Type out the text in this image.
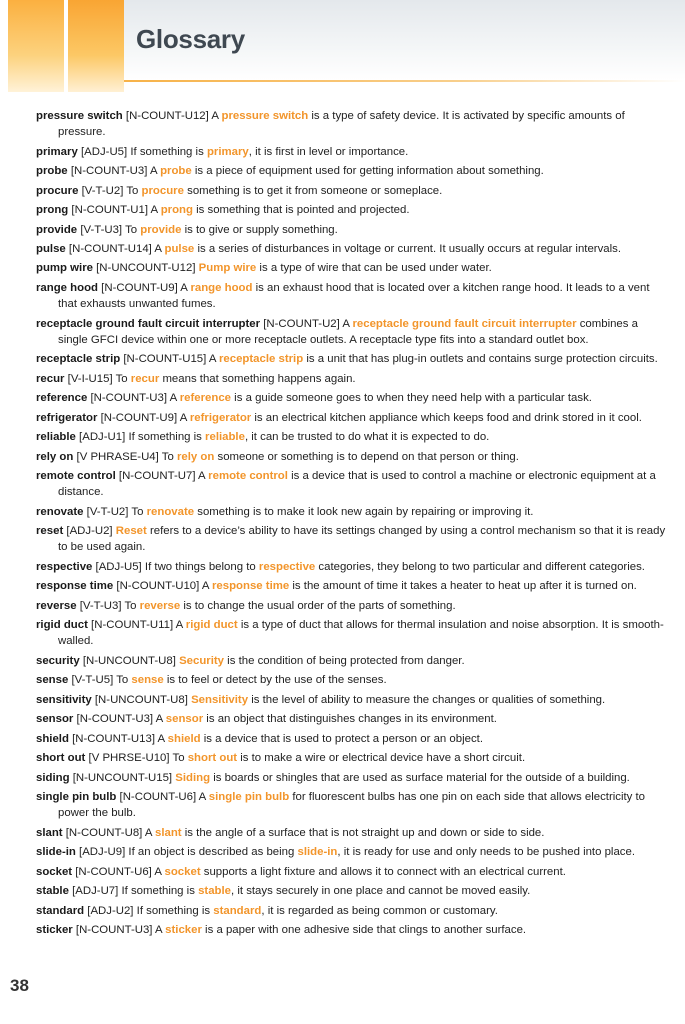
Glossary

pressure switch [N-COUNT-U12] A pressure switch is a type of safety device. It is activated by specific amounts of pressure.

primary [ADJ-U5] If something is primary, it is first in level or importance.

probe [N-COUNT-U3] A probe is a piece of equipment used for getting information about something.

procure [V-T-U2] To procure something is to get it from someone or someplace.

prong [N-COUNT-U1] A prong is something that is pointed and projected.

provide [V-T-U3] To provide is to give or supply something.

pulse [N-COUNT-U14] A pulse is a series of disturbances in voltage or current. It usually occurs at regular intervals.

pump wire [N-UNCOUNT-U12] Pump wire is a type of wire that can be used under water.

range hood [N-COUNT-U9] A range hood is an exhaust hood that is located over a kitchen range hood. It leads to a vent that exhausts unwanted fumes.

receptacle ground fault circuit interrupter [N-COUNT-U2] A receptacle ground fault circuit interrupter combines a single GFCI device within one or more receptacle outlets. A receptacle type fits into a standard outlet box.

receptacle strip [N-COUNT-U15] A receptacle strip is a unit that has plug-in outlets and contains surge protection circuits.

recur [V-I-U15] To recur means that something happens again.

reference [N-COUNT-U3] A reference is a guide someone goes to when they need help with a particular task.

refrigerator [N-COUNT-U9] A refrigerator is an electrical kitchen appliance which keeps food and drink stored in it cool.

reliable [ADJ-U1] If something is reliable, it can be trusted to do what it is expected to do.

rely on [V PHRASE-U4] To rely on someone or something is to depend on that person or thing.

remote control [N-COUNT-U7] A remote control is a device that is used to control a machine or electronic equipment at a distance.

renovate [V-T-U2] To renovate something is to make it look new again by repairing or improving it.

reset [ADJ-U2] Reset refers to a device’s ability to have its settings changed by using a control mechanism so that it is ready to be used again.

respective [ADJ-U5] If two things belong to respective categories, they belong to two particular and different categories.

response time [N-COUNT-U10] A response time is the amount of time it takes a heater to heat up after it is turned on.

reverse [V-T-U3] To reverse is to change the usual order of the parts of something.

rigid duct [N-COUNT-U11] A rigid duct is a type of duct that allows for thermal insulation and noise absorption. It is smooth-walled.

security [N-UNCOUNT-U8] Security is the condition of being protected from danger.

sense [V-T-U5] To sense is to feel or detect by the use of the senses.

sensitivity [N-UNCOUNT-U8] Sensitivity is the level of ability to measure the changes or qualities of something.

sensor [N-COUNT-U3] A sensor is an object that distinguishes changes in its environment.

shield [N-COUNT-U13] A shield is a device that is used to protect a person or an object.

short out [V PHRSE-U10] To short out is to make a wire or electrical device have a short circuit.

siding [N-UNCOUNT-U15] Siding is boards or shingles that are used as surface material for the outside of a building.

single pin bulb [N-COUNT-U6] A single pin bulb for fluorescent bulbs has one pin on each side that allows electricity to power the bulb.

slant [N-COUNT-U8] A slant is the angle of a surface that is not straight up and down or side to side.

slide-in [ADJ-U9] If an object is described as being slide-in, it is ready for use and only needs to be pushed into place.

socket [N-COUNT-U6] A socket supports a light fixture and allows it to connect with an electrical current.

stable [ADJ-U7] If something is stable, it stays securely in one place and cannot be moved easily.

standard [ADJ-U2] If something is standard, it is regarded as being common or customary.

sticker [N-COUNT-U3] A sticker is a paper with one adhesive side that clings to another surface.

38
